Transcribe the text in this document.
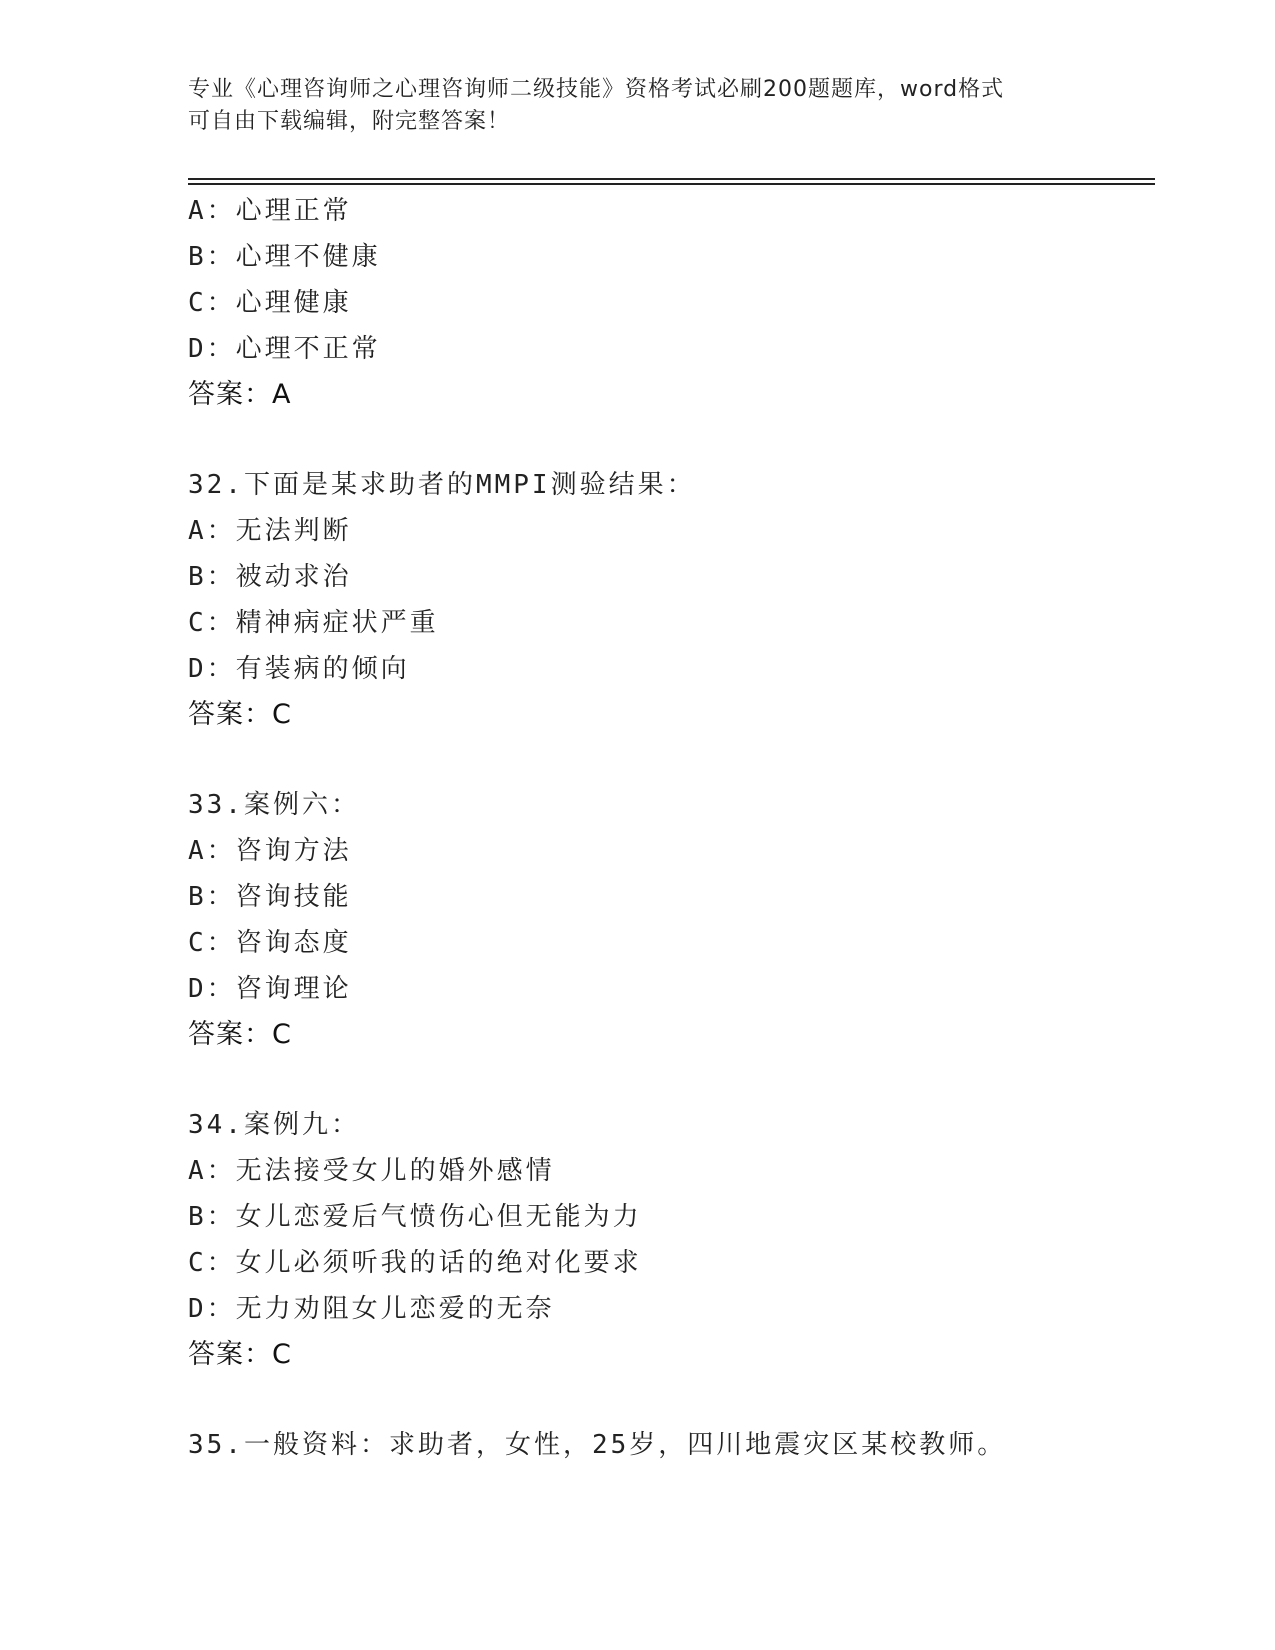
专业《心理咨询师之心理咨询师二级技能》资格考试必刷200题题库，word格式
可自由下载编辑，附完整答案！
A：心理正常
B：心理不健康
C：心理健康
D：心理不正常
答案：A
32.下面是某求助者的MMPI测验结果：
A：无法判断
B：被动求治
C：精神病症状严重
D：有装病的倾向
答案：C
33.案例六：
A：咨询方法
B：咨询技能
C：咨询态度
D：咨询理论
答案：C
34.案例九：
A：无法接受女儿的婚外感情
B：女儿恋爱后气愤伤心但无能为力
C：女儿必须听我的话的绝对化要求
D：无力劝阻女儿恋爱的无奈
答案：C
35.一般资料：求助者，女性，25岁，四川地震灾区某校教师。
